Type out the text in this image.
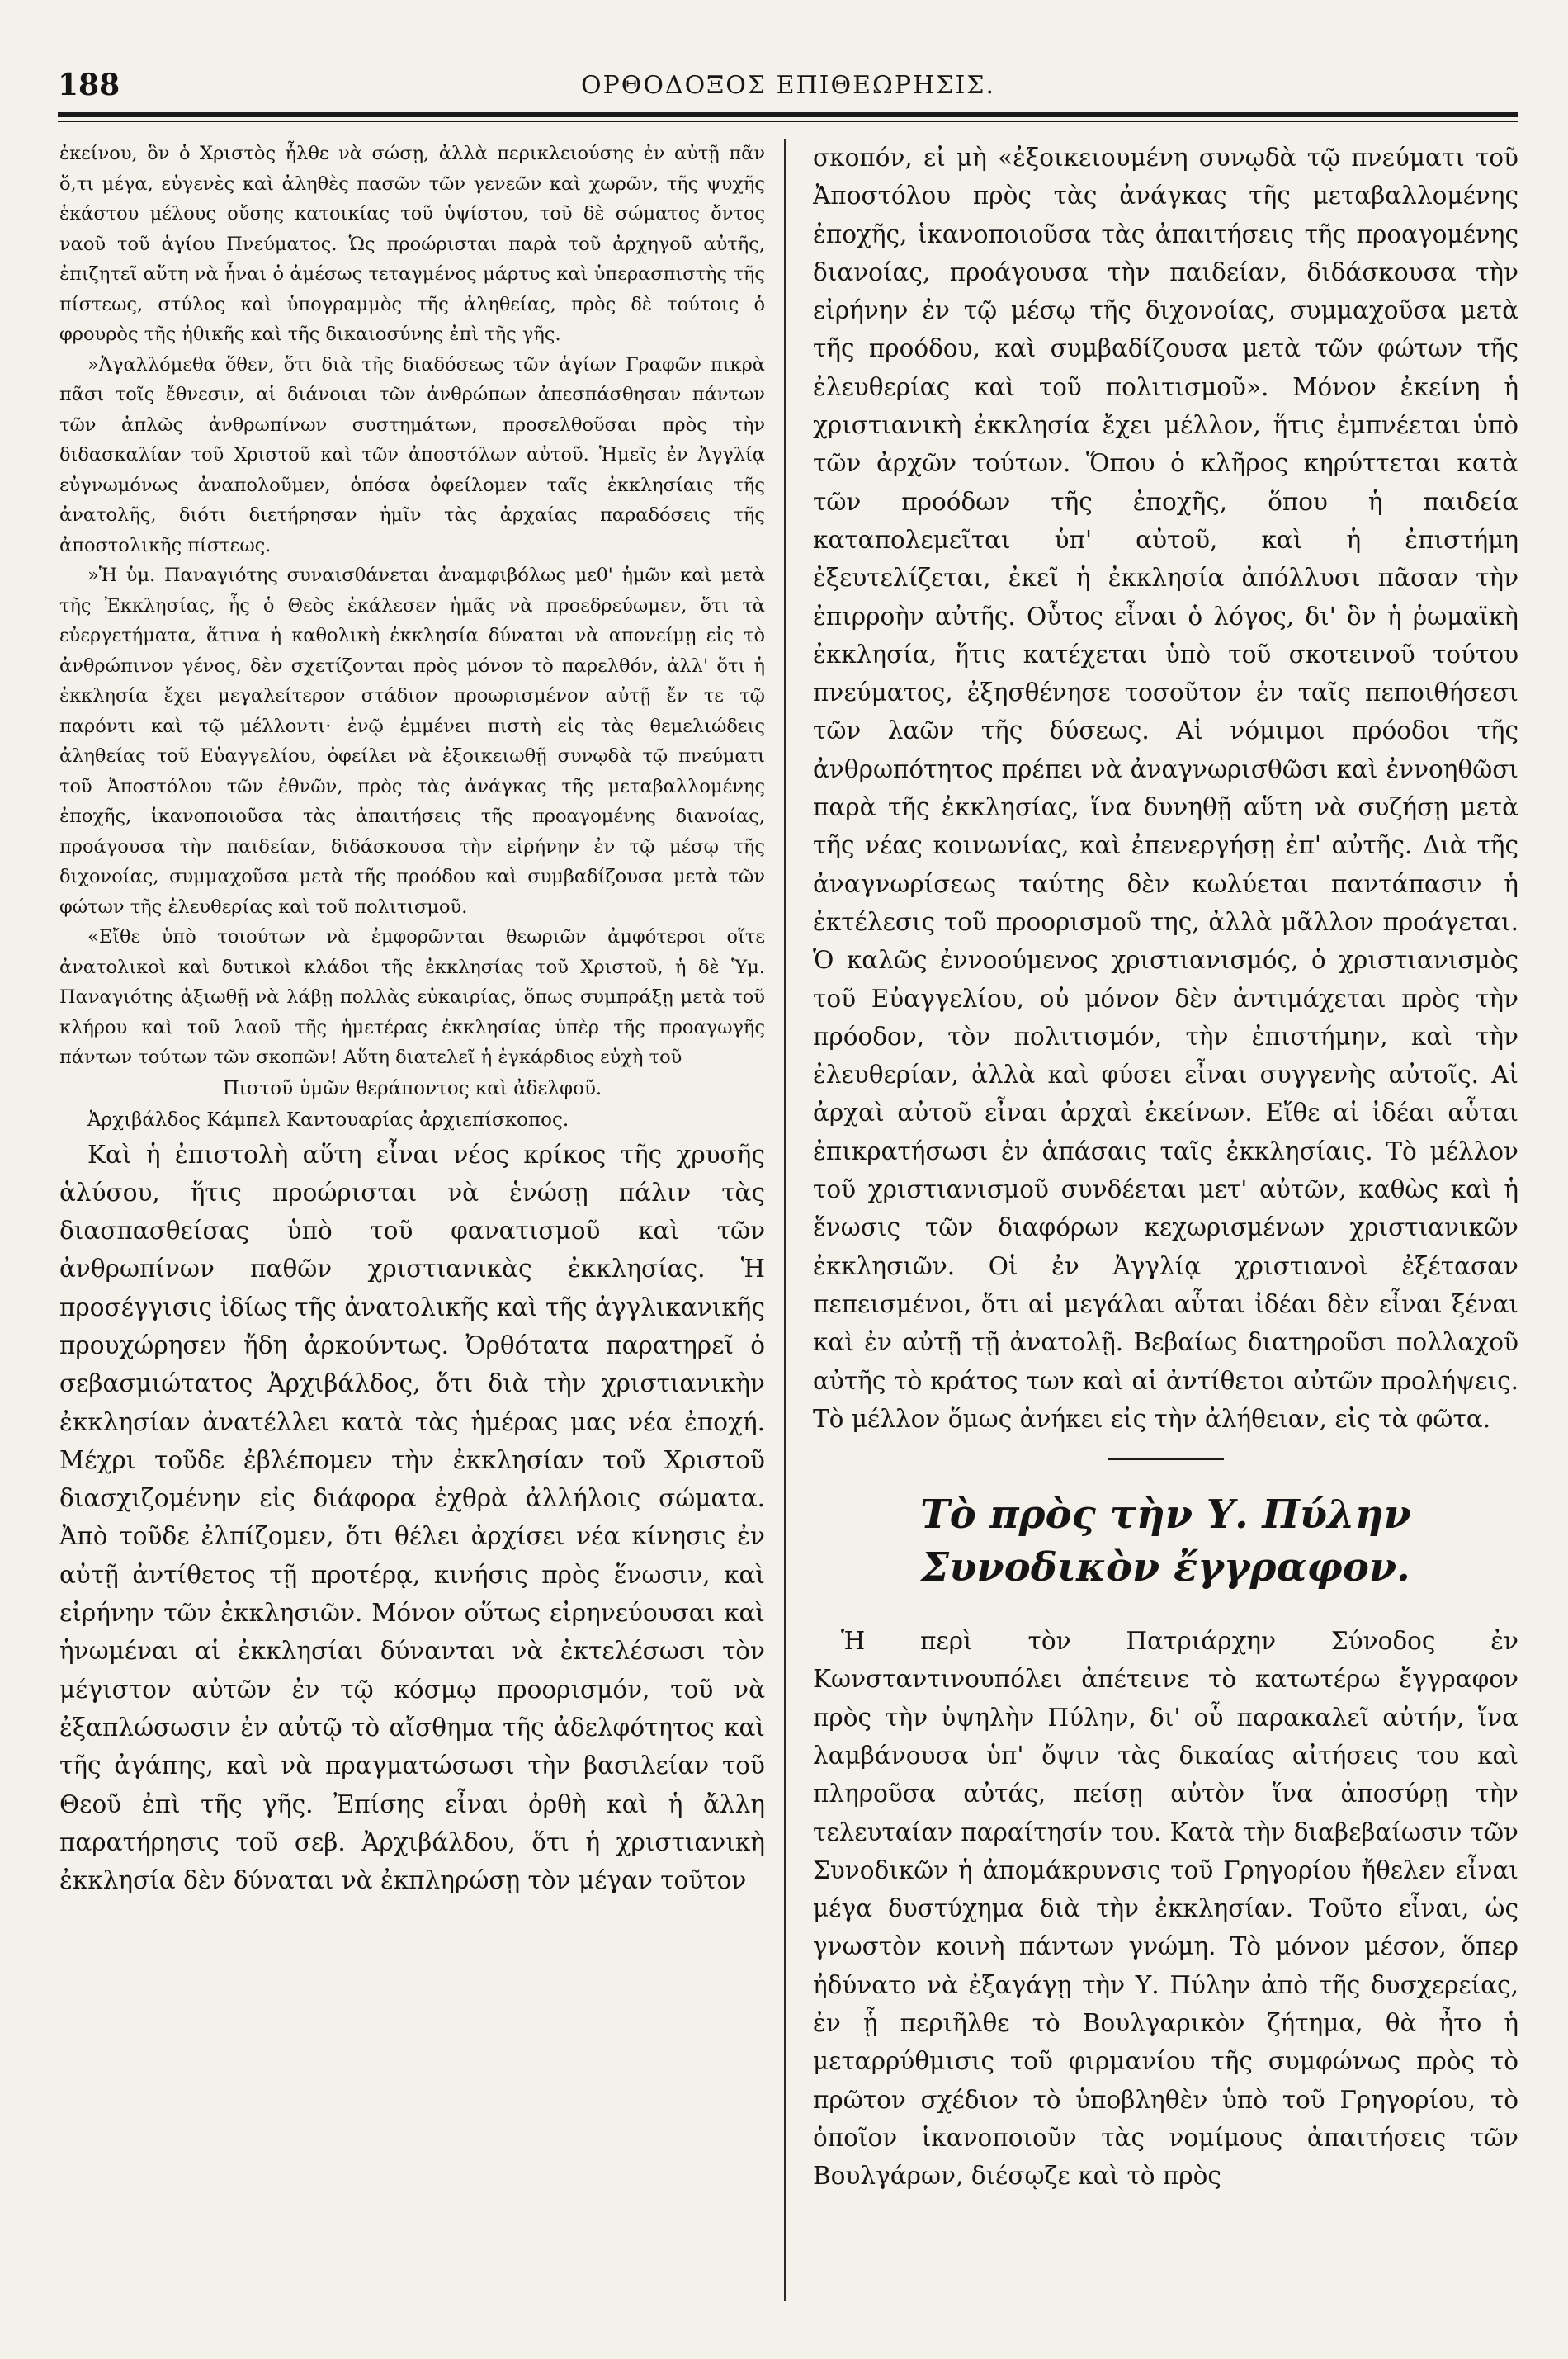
188	ΟΡΘΟΔΟΞΟΣ ΕΠΙΘΕΩΡΗΣΙΣ.

ἐκείνου, ὃν ὁ Χριστὸς ἦλθε νὰ σώσῃ, ἀλλὰ περικλειούσης ἐν αὐτῇ πᾶν ὅ,τι μέγα, εὐγενὲς καὶ ἀληθὲς πασῶν τῶν γενεῶν καὶ χωρῶν, τῆς ψυχῆς ἑκάστου μέλους οὔσης κατοικίας τοῦ ὑψίστου, τοῦ δὲ σώματος ὄντος ναοῦ τοῦ ἁγίου Πνεύματος. Ὡς προώρισται παρὰ τοῦ ἀρχηγοῦ αὐτῆς, ἐπιζητεῖ αὕτη νὰ ἦναι ὁ ἀμέσως τεταγμένος μάρτυς καὶ ὑπερασπιστὴς τῆς πίστεως, στύλος καὶ ὑπογραμμὸς τῆς ἀληθείας, πρὸς δὲ τούτοις ὁ φρουρὸς τῆς ἠθικῆς καὶ τῆς δικαιοσύνης ἐπὶ τῆς γῆς.

»Ἀγαλλόμεθα ὅθεν, ὅτι διὰ τῆς διαδόσεως τῶν ἁγίων Γραφῶν πικρὰ πᾶσι τοῖς ἔθνεσιν, αἱ διάνοιαι τῶν ἀνθρώπων ἀπεσπάσθησαν πάντων τῶν ἁπλῶς ἀνθρωπίνων συστημάτων, προσελθοῦσαι πρὸς τὴν διδασκαλίαν τοῦ Χριστοῦ καὶ τῶν ἀποστόλων αὐτοῦ. Ἡμεῖς ἐν Ἀγγλίᾳ εὐγνωμόνως ἀναπολοῦμεν, ὁπόσα ὀφείλομεν ταῖς ἐκκλησίαις τῆς ἀνατολῆς, διότι διετήρησαν ἡμῖν τὰς ἀρχαίας παραδόσεις τῆς ἀποστολικῆς πίστεως.

»Ἡ ὑμ. Παναγιότης συναισθάνεται ἀναμφιβόλως μεθ' ἡμῶν καὶ μετὰ τῆς Ἐκκλησίας, ἧς ὁ Θεὸς ἐκάλεσεν ἡμᾶς νὰ προεδρεύωμεν, ὅτι τὰ εὐεργετήματα, ἅτινα ἡ καθολικὴ ἐκκλησία δύναται νὰ απονείμῃ εἰς τὸ ἀνθρώπινον γένος, δὲν σχετίζονται πρὸς μόνον τὸ παρελθόν, ἀλλ' ὅτι ἡ ἐκκλησία ἔχει μεγαλείτερον στάδιον προωρισμένον αὐτῇ ἔν τε τῷ παρόντι καὶ τῷ μέλλοντι· ἐνῷ ἐμμένει πιστὴ εἰς τὰς θεμελιώδεις ἀληθείας τοῦ Εὐαγγελίου, ὀφείλει νὰ ἐξοικειωθῇ συνῳδὰ τῷ πνεύματι τοῦ Ἀποστόλου τῶν ἐθνῶν, πρὸς τὰς ἀνάγκας τῆς μεταβαλλομένης ἐποχῆς, ἱκανοποιοῦσα τὰς ἀπαιτήσεις τῆς προαγομένης διανοίας, προάγουσα τὴν παιδείαν, διδάσκουσα τὴν εἰρήνην ἐν τῷ μέσῳ τῆς διχονοίας, συμμαχοῦσα μετὰ τῆς προόδου καὶ συμβαδίζουσα μετὰ τῶν φώτων τῆς ἐλευθερίας καὶ τοῦ πολιτισμοῦ.

«Εἴθε ὑπὸ τοιούτων νὰ ἐμφορῶνται θεωριῶν ἀμφότεροι οἵτε ἀνατολικοὶ καὶ δυτικοὶ κλάδοι τῆς ἐκκλησίας τοῦ Χριστοῦ, ἡ δὲ Ὑμ. Παναγιότης ἀξιωθῇ νὰ λάβῃ πολλὰς εὐκαιρίας, ὅπως συμπράξῃ μετὰ τοῦ κλήρου καὶ τοῦ λαοῦ τῆς ἡμετέρας ἐκκλησίας ὑπὲρ τῆς προαγωγῆς πάντων τούτων τῶν σκοπῶν! Αὕτη διατελεῖ ἡ ἐγκάρδιος εὐχὴ τοῦ

Πιστοῦ ὑμῶν θεράποντος καὶ ἀδελφοῦ.

Ἀρχιβάλδος Κάμπελ Καντουαρίας ἀρχιεπίσκοπος.

Καὶ ἡ ἐπιστολὴ αὕτη εἶναι νέος κρίκος τῆς χρυσῆς ἁλύσου, ἥτις προώρισται νὰ ἑνώσῃ πάλιν τὰς διασπασθείσας ὑπὸ τοῦ φανατισμοῦ καὶ τῶν ἀνθρωπίνων παθῶν χριστιανικὰς ἐκκλησίας. Ἡ προσέγγισις ἰδίως τῆς ἀνατολικῆς καὶ τῆς ἀγγλικανικῆς προυχώρησεν ἤδη ἀρκούντως. Ὀρθότατα παρατηρεῖ ὁ σεβασμιώτατος Ἀρχιβάλδος, ὅτι διὰ τὴν χριστιανικὴν ἐκκλησίαν ἀνατέλλει κατὰ τὰς ἡμέρας μας νέα ἐποχή. Μέχρι τοῦδε ἐβλέπομεν τὴν ἐκκλησίαν τοῦ Χριστοῦ διασχιζομένην εἰς διάφορα ἐχθρὰ ἀλλήλοις σώματα. Ἀπὸ τοῦδε ἐλπίζομεν, ὅτι θέλει ἀρχίσει νέα κίνησις ἐν αὐτῇ ἀντίθετος τῇ προτέρᾳ, κινήσις πρὸς ἕνωσιν, καὶ εἰρήνην τῶν ἐκκλησιῶν. Μόνον οὕτως εἰρηνεύουσαι καὶ ἡνωμέναι αἱ ἐκκλησίαι δύνανται νὰ ἐκτελέσωσι τὸν μέγιστον αὐτῶν ἐν τῷ κόσμῳ προορισμόν, τοῦ νὰ ἐξαπλώσωσιν ἐν αὐτῷ τὸ αἴσθημα τῆς ἀδελφότητος καὶ τῆς ἀγάπης, καὶ νὰ πραγματώσωσι τὴν βασιλείαν τοῦ Θεοῦ ἐπὶ τῆς γῆς. Ἐπίσης εἶναι ὀρθὴ καὶ ἡ ἄλλη παρατήρησις τοῦ σεβ. Ἀρχιβάλδου, ὅτι ἡ χριστιανικὴ ἐκκλησία δὲν δύναται νὰ ἐκπληρώσῃ τὸν μέγαν τοῦτον

σκοπόν, εἰ μὴ «ἐξοικειουμένη συνῳδὰ τῷ πνεύματι τοῦ Ἀποστόλου πρὸς τὰς ἀνάγκας τῆς μεταβαλλομένης ἐποχῆς, ἱκανοποιοῦσα τὰς ἀπαιτήσεις τῆς προαγομένης διανοίας, προάγουσα τὴν παιδείαν, διδάσκουσα τὴν εἰρήνην ἐν τῷ μέσῳ τῆς διχονοίας, συμμαχοῦσα μετὰ τῆς προόδου, καὶ συμβαδίζουσα μετὰ τῶν φώτων τῆς ἐλευθερίας καὶ τοῦ πολιτισμοῦ». Μόνον ἐκείνη ἡ χριστιανικὴ ἐκκλησία ἔχει μέλλον, ἥτις ἐμπνέεται ὑπὸ τῶν ἀρχῶν τούτων. Ὅπου ὁ κλῆρος κηρύττεται κατὰ τῶν προόδων τῆς ἐποχῆς, ὅπου ἡ παιδεία καταπολεμεῖται ὑπ' αὐτοῦ, καὶ ἡ ἐπιστήμη ἐξευτελίζεται, ἐκεῖ ἡ ἐκκλησία ἀπόλλυσι πᾶσαν τὴν ἐπιρροὴν αὐτῆς. Οὗτος εἶναι ὁ λόγος, δι' ὃν ἡ ῥωμαϊκὴ ἐκκλησία, ἥτις κατέχεται ὑπὸ τοῦ σκοτεινοῦ τούτου πνεύματος, ἐξησθένησε τοσοῦτον ἐν ταῖς πεποιθήσεσι τῶν λαῶν τῆς δύσεως. Αἱ νόμιμοι πρόοδοι τῆς ἀνθρωπότητος πρέπει νὰ ἀναγνωρισθῶσι καὶ ἐννοηθῶσι παρὰ τῆς ἐκκλησίας, ἵνα δυνηθῇ αὕτη νὰ συζήσῃ μετὰ τῆς νέας κοινωνίας, καὶ ἐπενεργήσῃ ἐπ' αὐτῆς. Διὰ τῆς ἀναγνωρίσεως ταύτης δὲν κωλύεται παντάπασιν ἡ ἐκτέλεσις τοῦ προορισμοῦ της, ἀλλὰ μᾶλλον προάγεται. Ὁ καλῶς ἐννοούμενος χριστιανισμός, ὁ χριστιανισμὸς τοῦ Εὐαγγελίου, οὐ μόνον δὲν ἀντιμάχεται πρὸς τὴν πρόοδον, τὸν πολιτισμόν, τὴν ἐπιστήμην, καὶ τὴν ἐλευθερίαν, ἀλλὰ καὶ φύσει εἶναι συγγενὴς αὐτοῖς. Αἱ ἀρχαὶ αὐτοῦ εἶναι ἀρχαὶ ἐκείνων. Εἴθε αἱ ἰδέαι αὗται ἐπικρατήσωσι ἐν ἁπάσαις ταῖς ἐκκλησίαις. Τὸ μέλλον τοῦ χριστιανισμοῦ συνδέεται μετ' αὐτῶν, καθὼς καὶ ἡ ἕνωσις τῶν διαφόρων κεχωρισμένων χριστιανικῶν ἐκκλησιῶν. Οἱ ἐν Ἀγγλίᾳ χριστιανοὶ ἐξέτασαν πεπεισμένοι, ὅτι αἱ μεγάλαι αὗται ἰδέαι δὲν εἶναι ξέναι καὶ ἐν αὐτῇ τῇ ἀνατολῇ. Βεβαίως διατηροῦσι πολλαχοῦ αὐτῆς τὸ κράτος των καὶ αἱ ἀντίθετοι αὐτῶν προλήψεις. Τὸ μέλλον ὅμως ἀνήκει εἰς τὴν ἀλήθειαν, εἰς τὰ φῶτα.

Τὸ πρὸς τὴν Υ. Πύλην Συνοδικὸν ἔγγραφον.

Ἡ περὶ τὸν Πατριάρχην Σύνοδος ἐν Κωνσταντινουπόλει ἀπέτεινε τὸ κατωτέρω ἔγγραφον πρὸς τὴν ὑψηλὴν Πύλην, δι' οὗ παρακαλεῖ αὐτήν, ἵνα λαμβάνουσα ὑπ' ὄψιν τὰς δικαίας αἰτήσεις του καὶ πληροῦσα αὐτάς, πείσῃ αὐτὸν ἵνα ἀποσύρῃ τὴν τελευταίαν παραίτησίν του. Κατὰ τὴν διαβεβαίωσιν τῶν Συνοδικῶν ἡ ἀπομάκρυνσις τοῦ Γρηγορίου ἤθελεν εἶναι μέγα δυστύχημα διὰ τὴν ἐκκλησίαν. Τοῦτο εἶναι, ὡς γνωστὸν κοινὴ πάντων γνώμη. Τὸ μόνον μέσον, ὅπερ ἠδύνατο νὰ ἐξαγάγῃ τὴν Υ. Πύλην ἀπὸ τῆς δυσχερείας, ἐν ᾗ περιῆλθε τὸ Βουλγαρικὸν ζήτημα, θὰ ἦτο ἡ μεταρρύθμισις τοῦ φιρμανίου τῆς συμφώνως πρὸς τὸ πρῶτον σχέδιον τὸ ὑποβληθὲν ὑπὸ τοῦ Γρηγορίου, τὸ ὁποῖον ἱκανοποιοῦν τὰς νομίμους ἀπαιτήσεις τῶν Βουλγάρων, διέσῳζε καὶ τὸ πρὸς
